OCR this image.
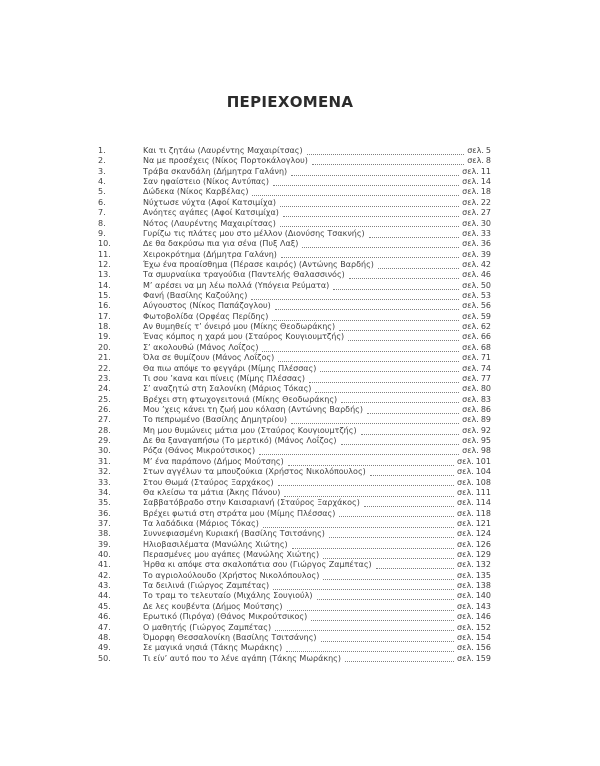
ΠΕΡΙΕΧΟΜΕΝΑ
1.	Και τι ζητάω (Λαυρέντης Μαχαιρίτσας)	σελ. 5
2.	Να με προσέχεις (Νίκος Πορτοκάλογλου)	σελ. 8
3.	Τράβα σκανδάλη (Δήμητρα Γαλάνη)	σελ. 11
4.	Σαν ηφαίστειο (Νίκος Αντύπας)	σελ. 14
5.	Δώδεκα (Νίκος Καρβέλας)	σελ. 18
6.	Νύχτωσε νύχτα (Αφοί Κατσιμίχα)	σελ. 22
7.	Ανόητες αγάπες (Αφοί Κατσιμίχα)	σελ. 27
8.	Νότος (Λαυρέντης Μαχαιρίτσας)	σελ. 30
9.	Γυρίζω τις πλάτες μου στο μέλλον (Διονύσης Τσακνής)	σελ. 33
10.	Δε θα δακρύσω πια για σένα (Πυξ Λαξ)	σελ. 36
11.	Χειροκρότημα (Δήμητρα Γαλάνη)	σελ. 39
12.	Έχω ένα προαίσθημα (Πέρασε καιρός) (Αντώνης Βαρδής)	σελ. 42
13.	Τα σμυρναίικα τραγούδια (Παντελής Θαλασσινός)	σελ. 46
14.	Μ’ αρέσει να μη λέω πολλά (Υπόγεια Ρεύματα)	σελ. 50
15.	Φανή (Βασίλης Καζούλης)	σελ. 53
16.	Αύγουστος (Νίκος Παπάζογλου)	σελ. 56
17.	Φωτοβολίδα (Ορφέας Περίδης)	σελ. 59
18.	Αν θυμηθείς τ’ όνειρό μου (Μίκης Θεοδωράκης)	σελ. 62
19.	Ένας κόμπος η χαρά μου (Σταύρος Κουγιουμτζής)	σελ. 66
20.	Σ’ ακολουθώ (Μάνος Λοΐζος)	σελ. 68
21.	Όλα σε θυμίζουν (Μάνος Λοΐζος)	σελ. 71
22.	Θα πιω απόψε το φεγγάρι (Μίμης Πλέσσας)	σελ. 74
23.	Τι σου ’κανα και πίνεις (Μίμης Πλέσσας)	σελ. 77
24.	Σ’ αναζητώ στη Σαλονίκη (Μάριος Τόκας)	σελ. 80
25.	Βρέχει στη φτωχογειτονιά (Μίκης Θεοδωράκης)	σελ. 83
26.	Μου ’χεις κάνει τη ζωή μου κόλαση (Αντώνης Βαρδής)	σελ. 86
27.	Το πεπρωμένο (Βασίλης Δημητρίου)	σελ. 89
28.	Μη μου θυμώνεις μάτια μου (Σταύρος Κουγιουμτζής)	σελ. 92
29.	Δε θα ξαναγαπήσω (Το μερτικό) (Μάνος Λοΐζος)	σελ. 95
30.	Ρόζα (Θάνος Μικρούτσικος)	σελ. 98
31.	Μ’ ένα παράπονο (Δήμος Μούτσης)	σελ. 101
32.	Στων αγγέλων τα μπουζούκια (Χρήστος Νικολόπουλος)	σελ. 104
33.	Στου Θωμά (Σταύρος Ξαρχάκος)	σελ. 108
34.	Θα κλείσω τα μάτια (Άκης Πάνου)	σελ. 111
35.	Σαββατόβραδο στην Καισαριανή (Σταύρος Ξαρχάκος)	σελ. 114
36.	Βρέχει φωτιά στη στράτα μου (Μίμης Πλέσσας)	σελ. 118
37.	Τα λαδάδικα (Μάριος Τόκας)	σελ. 121
38.	Συννεφιασμένη Κυριακή (Βασίλης Τσιτσάνης)	σελ. 124
39.	Ηλιοβασιλέματα (Μανώλης Χιώτης)	σελ. 126
40.	Περασμένες μου αγάπες (Μανώλης Χιώτης)	σελ. 129
41.	Ήρθα κι απόψε στα σκαλοπάτια σου (Γιώργος Ζαμπέτας)	σελ. 132
42.	Το αγριολούλουδο (Χρήστος Νικολόπουλος)	σελ. 135
43.	Τα δειλινά (Γιώργος Ζαμπέτας)	σελ. 138
44.	Το τραμ το τελευταίο (Μιχάλης Σουγιούλ)	σελ. 140
45.	Δε λες κουβέντα (Δήμος Μούτσης)	σελ. 143
46.	Ερωτικό (Πιρόγα) (Θάνος Μικρούτσικος)	σελ. 146
47.	Ο μαθητής (Γιώργος Ζαμπέτας)	σελ. 152
48.	Όμορφη Θεσσαλονίκη (Βασίλης Τσιτσάνης)	σελ. 154
49.	Σε μαγικά νησιά (Τάκης Μωράκης)	σελ. 156
50.	Τι είν’ αυτό που το λένε αγάπη (Τάκης Μωράκης)	σελ. 159
